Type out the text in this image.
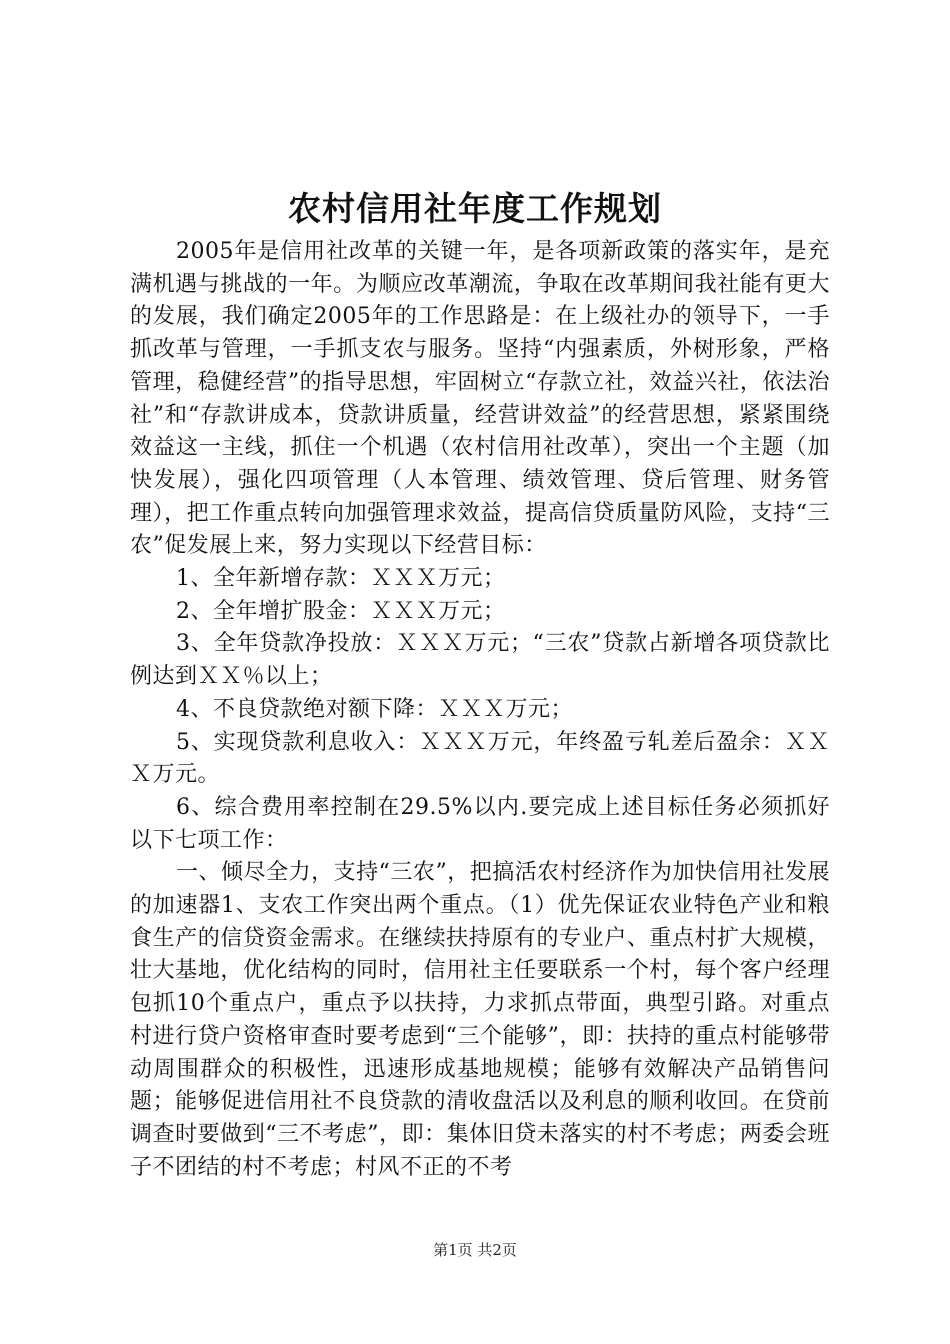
农村信用社年度工作规划

2005年是信用社改革的关键一年，是各项新政策的落实年，是充满机遇与挑战的一年。为顺应改革潮流，争取在改革期间我社能有更大的发展，我们确定2005年的工作思路是：在上级社办的领导下，一手抓改革与管理，一手抓支农与服务。坚持“内强素质，外树形象，严格管理，稳健经营”的指导思想，牢固树立“存款立社，效益兴社，依法治社”和“存款讲成本，贷款讲质量，经营讲效益”的经营思想，紧紧围绕效益这一主线，抓住一个机遇（农村信用社改革），突出一个主题（加快发展），强化四项管理（人本管理、绩效管理、贷后管理、财务管理），把工作重点转向加强管理求效益，提高信贷质量防风险，支持“三农”促发展上来，努力实现以下经营目标：

1、全年新增存款：ＸＸＸ万元；

2、全年增扩股金：ＸＸＸ万元；

3、全年贷款净投放：ＸＸＸ万元；“三农”贷款占新增各项贷款比例达到ＸＸ％以上；

4、不良贷款绝对额下降：ＸＸＸ万元；

5、实现贷款利息收入：ＸＸＸ万元，年终盈亏轧差后盈余：ＸＸＸ万元。

6、综合费用率控制在29.5%以内.要完成上述目标任务必须抓好以下七项工作：

一、倾尽全力，支持“三农”，把搞活农村经济作为加快信用社发展的加速器1、支农工作突出两个重点。（1）优先保证农业特色产业和粮食生产的信贷资金需求。在继续扶持原有的专业户、重点村扩大规模，壮大基地，优化结构的同时，信用社主任要联系一个村，每个客户经理包抓10个重点户，重点予以扶持，力求抓点带面，典型引路。对重点村进行贷户资格审查时要考虑到“三个能够”，即：扶持的重点村能够带动周围群众的积极性，迅速形成基地规模；能够有效解决产品销售问题；能够促进信用社不良贷款的清收盘活以及利息的顺利收回。在贷前调查时要做到“三不考虑”，即：集体旧贷未落实的村不考虑；两委会班子不团结的村不考虑；村风不正的不考

第1页 共2页
